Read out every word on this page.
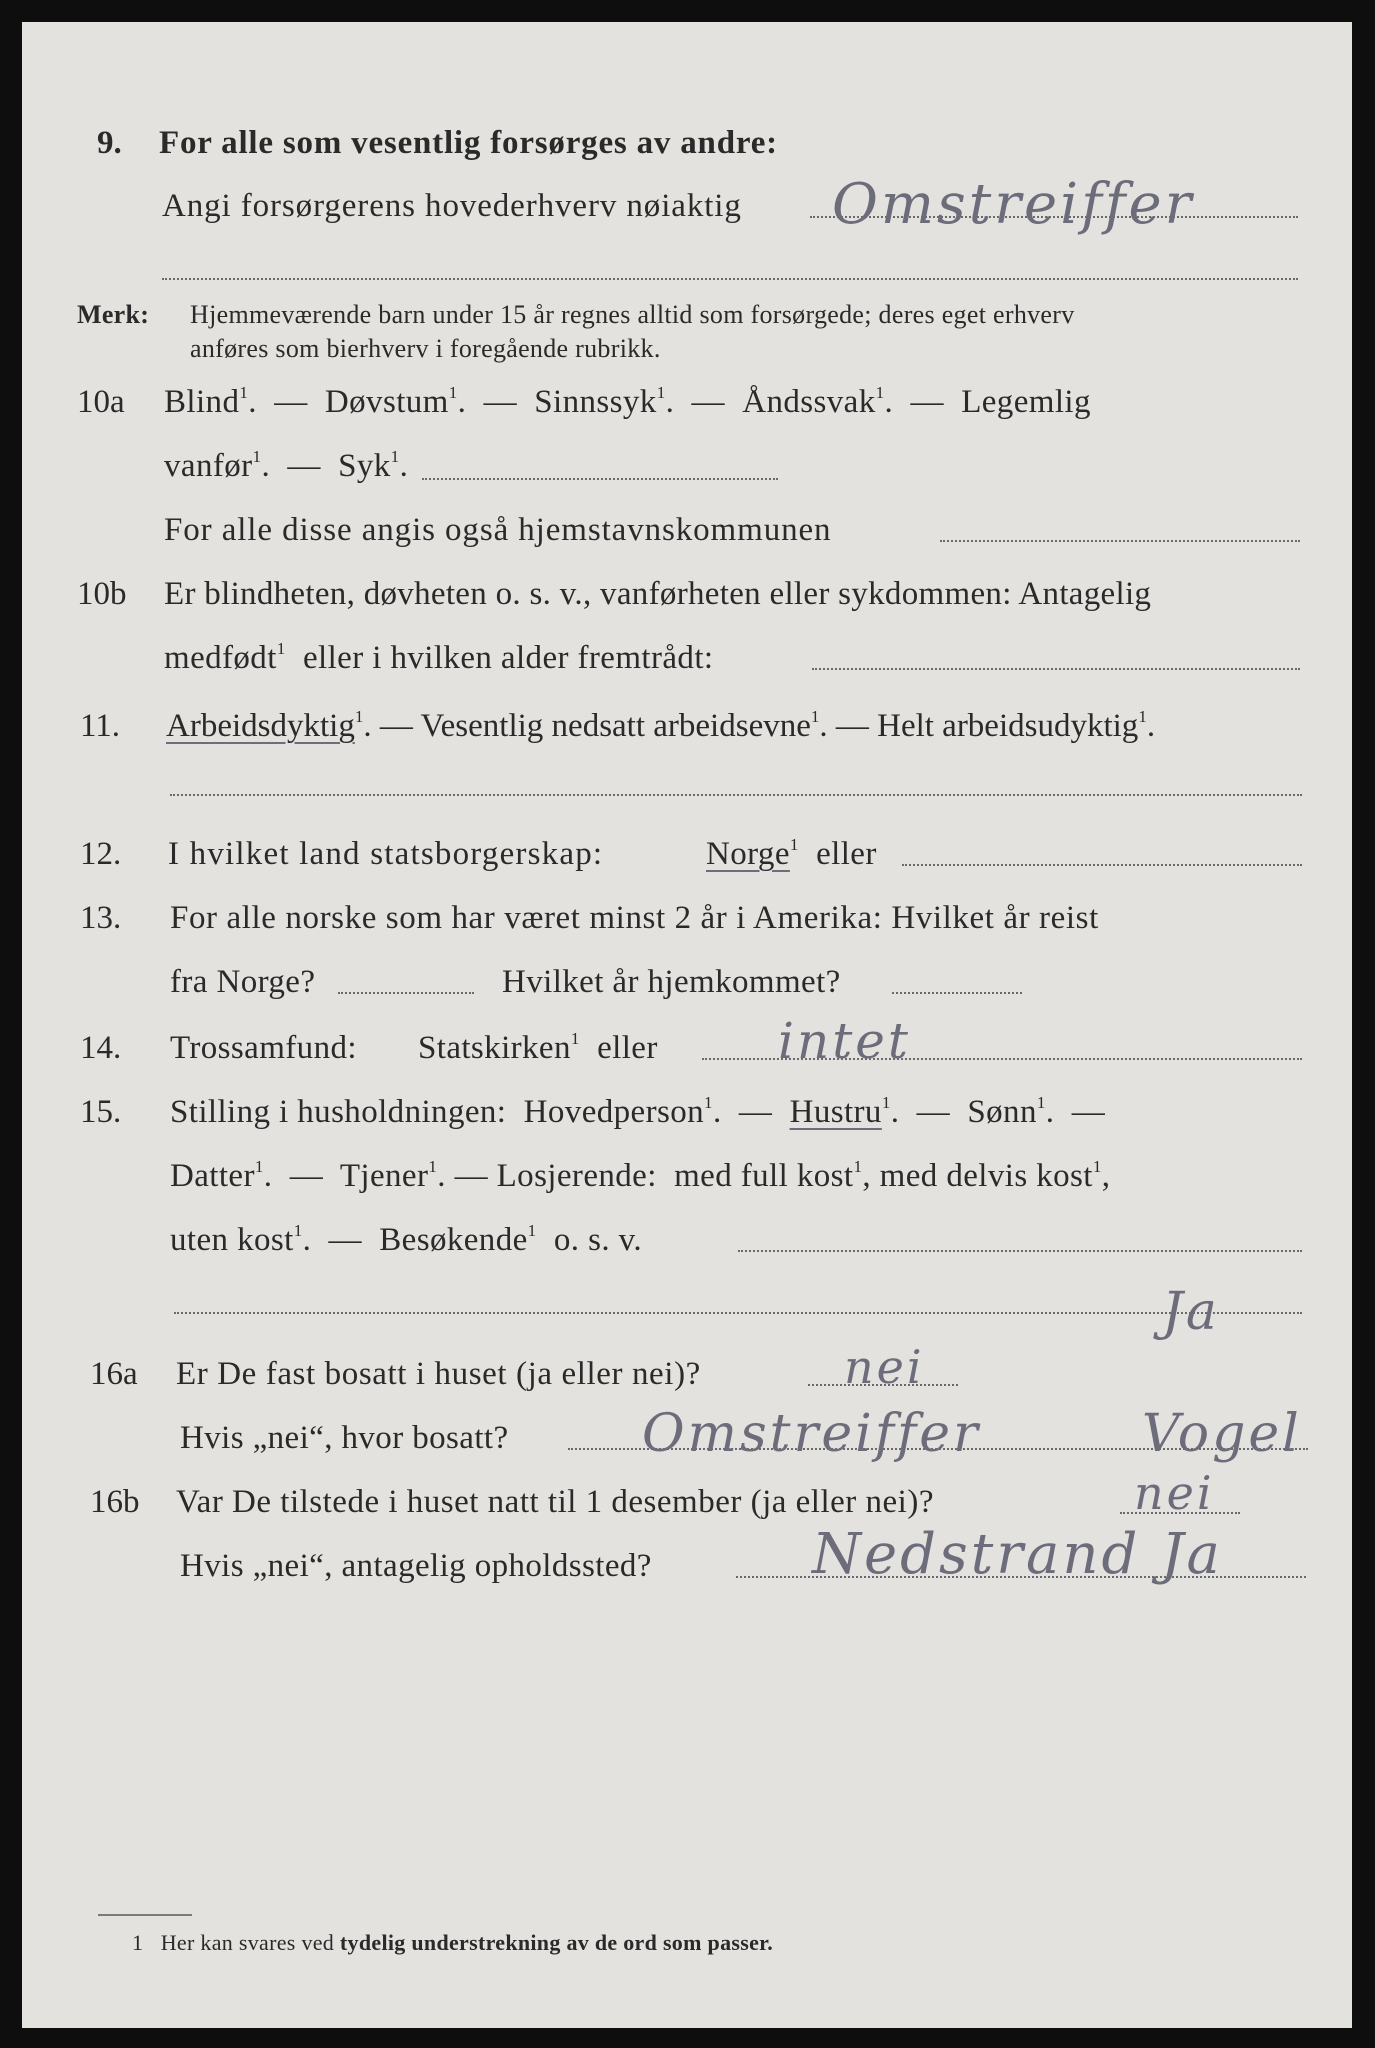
9. For alle som vesentlig forsørges av andre:
Angi forsørgerens hovederhverv nøiaktig Omstreiffer
Merk: Hjemmeværende barn under 15 år regnes alltid som forsørgede; deres eget erhverv
anføres som bierhverv i foregående rubrikk.
10a Blind$^1$.  —  Døvstum$^1$.  —  Sinnssyk$^1$.  —  Åndssvak$^1$.  —  Legemlig
vanfør$^1$.  —  Syk$^1$.
For alle disse angis også hjemstavnskommunen
10b Er blindheten, døvheten o. s. v., vanførheten eller sykdommen: Antagelig
medfødt$^1$ eller i hvilken alder fremtrådt:
11. Arbeidsdyktig$^1$. — Vesentlig nedsatt arbeidsevne$^1$. — Helt arbeidsudyktig$^1$.
12. I hvilket land statsborgerskap:	Norge$^1$ eller
13. For alle norske som har været minst 2 år i Amerika: Hvilket år reist
fra Norge?	Hvilket år hjemkommet?
14. Trossamfund: Statskirken$^1$ eller intet
15. Stilling i husholdningen: Hovedperson$^1$.  —  Hustru$^1$.  —  Sønn$^1$.  —
Datter$^1$.  —  Tjener$^1$. — Losjerende: med full kost$^1$, med delvis kost$^1$,
uten kost$^1$.  —  Besøkende$^1$ o. s. v.
Ja
16a Er De fast bosatt i huset (ja eller nei)?	nei
Hvis „nei“, hvor bosatt?	Omstreiffer	Vogel
16b Var De tilstede i huset natt til 1 desember (ja eller nei)?	nei
Hvis „nei“, antagelig opholdssted?	Nedstrand Ja
1 Her kan svares ved tydelig understrekning av de ord som passer.
